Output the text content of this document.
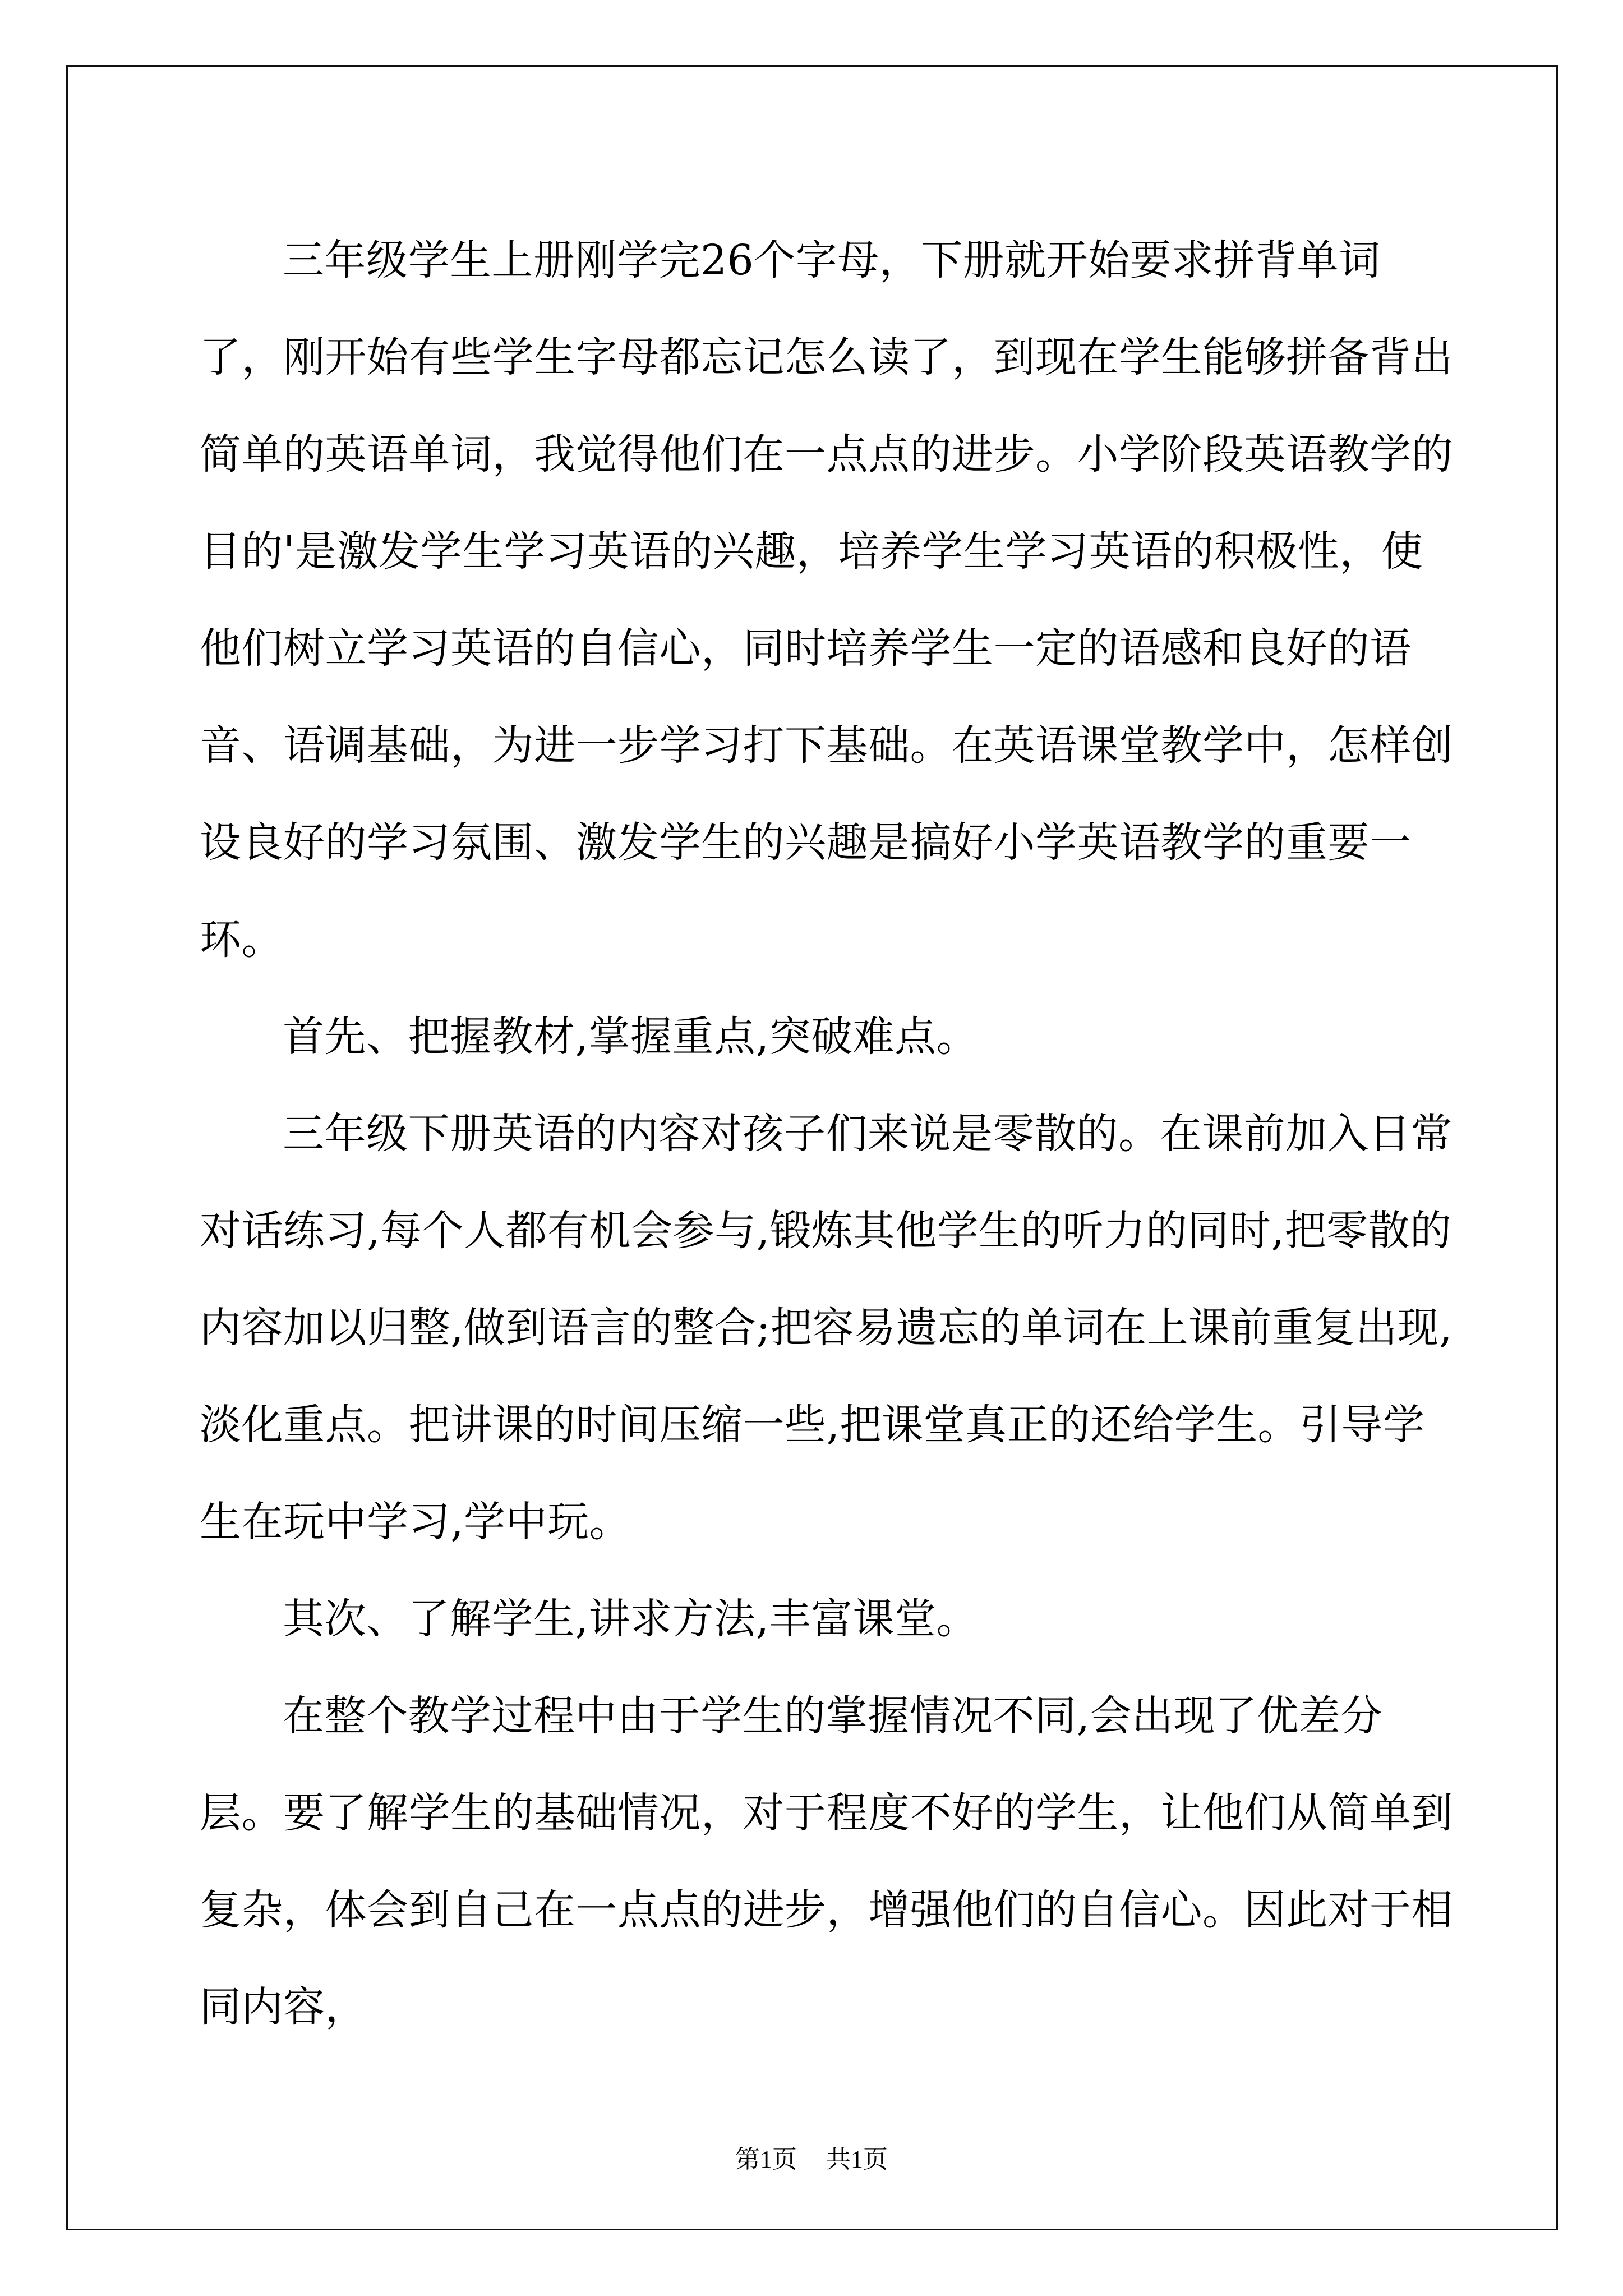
三年级学生上册刚学完26个字母，下册就开始要求拼背单词了，刚开始有些学生字母都忘记怎么读了，到现在学生能够拼备背出简单的英语单词，我觉得他们在一点点的进步。小学阶段英语教学的目的'是激发学生学习英语的兴趣，培养学生学习英语的积极性，使他们树立学习英语的自信心，同时培养学生一定的语感和良好的语音、语调基础，为进一步学习打下基础。在英语课堂教学中，怎样创设良好的学习氛围、激发学生的兴趣是搞好小学英语教学的重要一环。

首先、把握教材,掌握重点,突破难点。

三年级下册英语的内容对孩子们来说是零散的。在课前加入日常对话练习,每个人都有机会参与,锻炼其他学生的听力的同时,把零散的内容加以归整,做到语言的整合;把容易遗忘的单词在上课前重复出现,淡化重点。把讲课的时间压缩一些,把课堂真正的还给学生。引导学生在玩中学习,学中玩。

其次、了解学生,讲求方法,丰富课堂。

在整个教学过程中由于学生的掌握情况不同,会出现了优差分层。要了解学生的基础情况，对于程度不好的学生，让他们从简单到复杂，体会到自己在一点点的进步，增强他们的自信心。因此对于相同内容，

第1页 共1页
